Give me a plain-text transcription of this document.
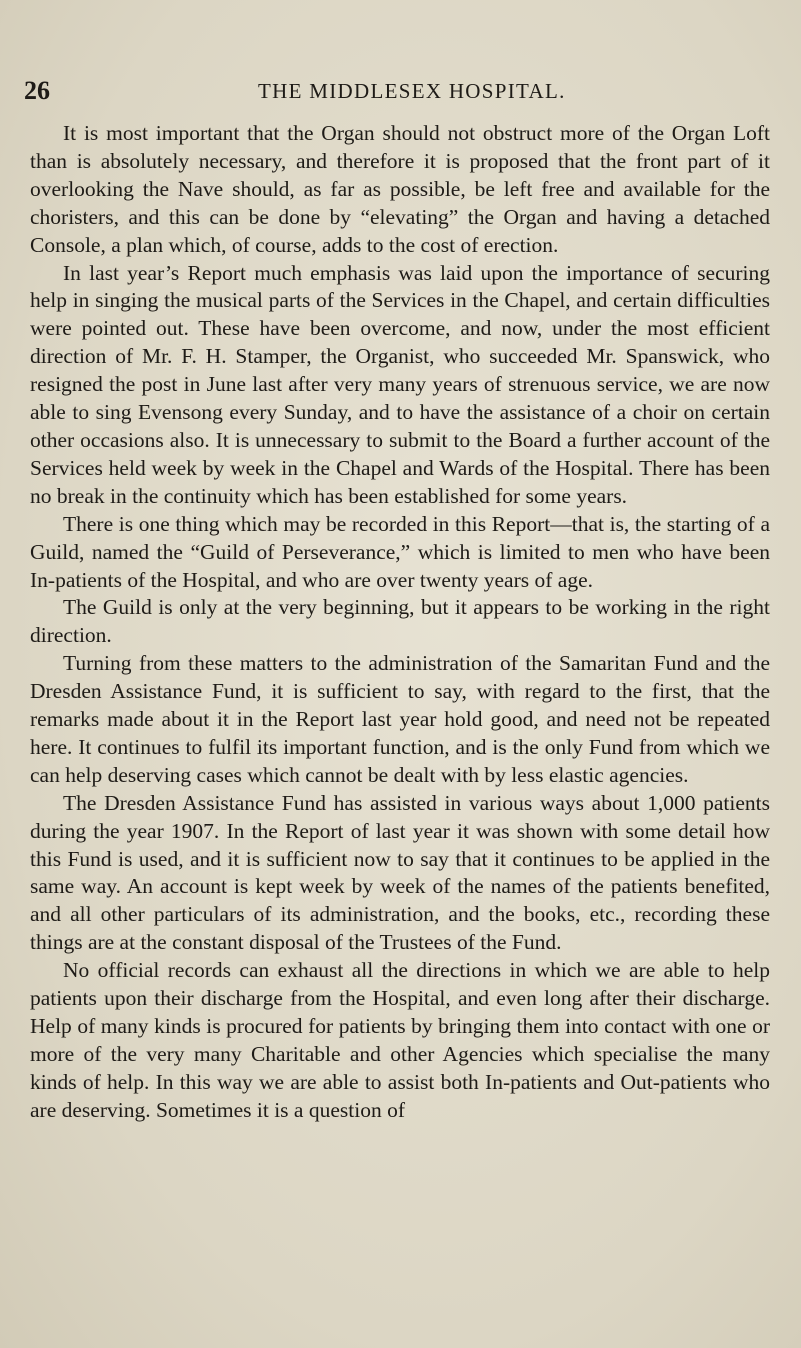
26	THE MIDDLESEX HOSPITAL.

It is most important that the Organ should not obstruct more of the Organ Loft than is absolutely necessary, and therefore it is proposed that the front part of it overlooking the Nave should, as far as possible, be left free and available for the choristers, and this can be done by “elevating” the Organ and having a detached Console, a plan which, of course, adds to the cost of erection.

In last year’s Report much emphasis was laid upon the importance of securing help in singing the musical parts of the Services in the Chapel, and certain difficulties were pointed out. These have been overcome, and now, under the most efficient direction of Mr. F. H. Stamper, the Organist, who succeeded Mr. Spanswick, who resigned the post in June last after very many years of strenuous service, we are now able to sing Evensong every Sunday, and to have the assistance of a choir on certain other occasions also. It is unnecessary to submit to the Board a further account of the Services held week by week in the Chapel and Wards of the Hospital. There has been no break in the continuity which has been established for some years.

There is one thing which may be recorded in this Report—that is, the starting of a Guild, named the “Guild of Perseverance,” which is limited to men who have been In-patients of the Hospital, and who are over twenty years of age.

The Guild is only at the very beginning, but it appears to be working in the right direction.

Turning from these matters to the administration of the Samaritan Fund and the Dresden Assistance Fund, it is sufficient to say, with regard to the first, that the remarks made about it in the Report last year hold good, and need not be repeated here. It continues to fulfil its important function, and is the only Fund from which we can help deserving cases which cannot be dealt with by less elastic agencies.

The Dresden Assistance Fund has assisted in various ways about 1,000 patients during the year 1907. In the Report of last year it was shown with some detail how this Fund is used, and it is sufficient now to say that it continues to be applied in the same way. An account is kept week by week of the names of the patients benefited, and all other particulars of its administration, and the books, etc., recording these things are at the constant disposal of the Trustees of the Fund.

No official records can exhaust all the directions in which we are able to help patients upon their discharge from the Hospital, and even long after their discharge. Help of many kinds is procured for patients by bringing them into contact with one or more of the very many Charitable and other Agencies which specialise the many kinds of help. In this way we are able to assist both In-patients and Out-patients who are deserving. Sometimes it is a question of
